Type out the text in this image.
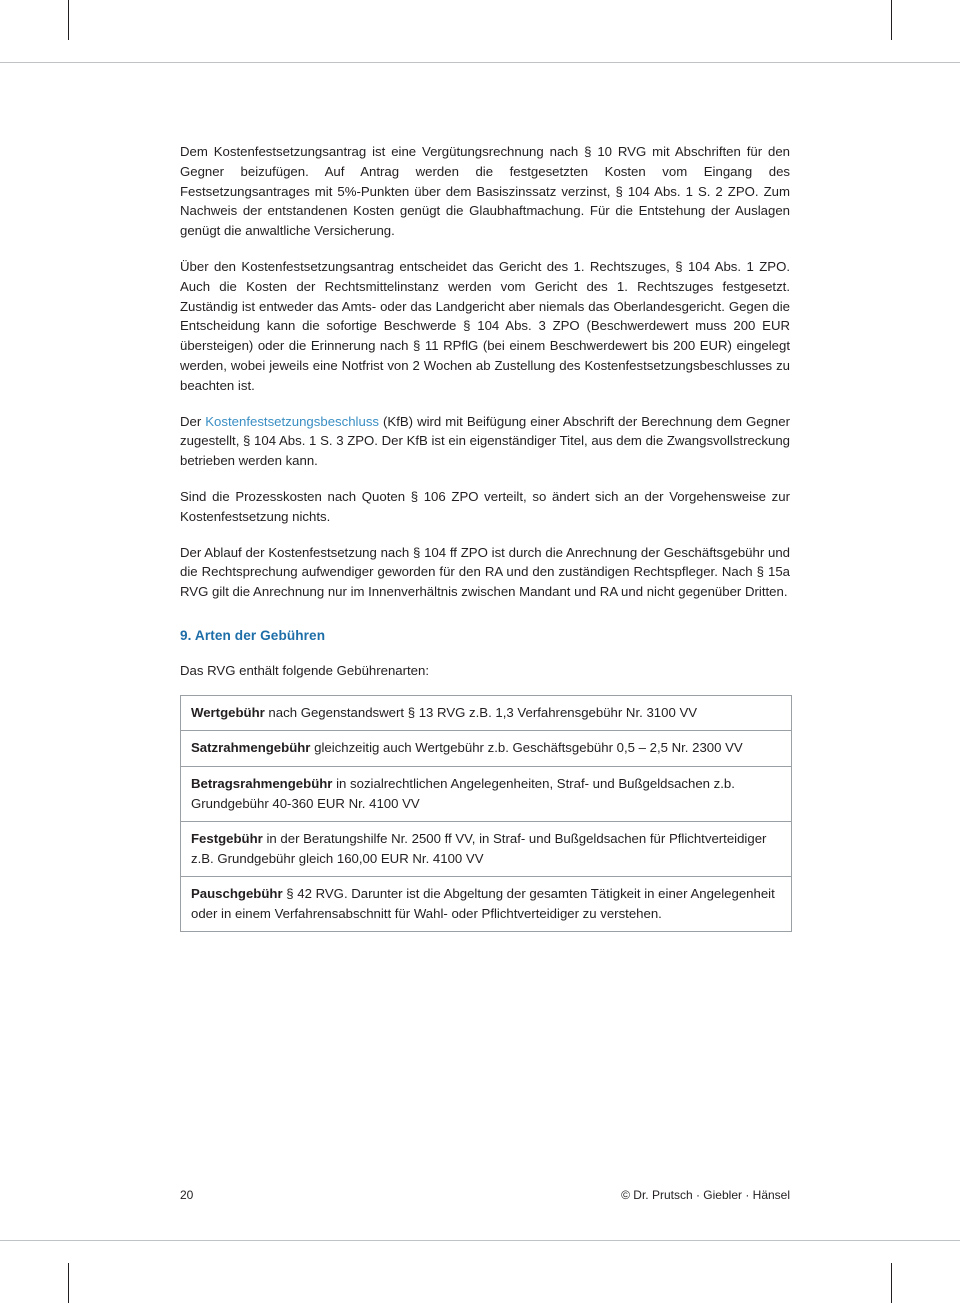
Dem Kostenfestsetzungsantrag ist eine Vergütungsrechnung nach § 10 RVG mit Abschriften für den Gegner beizufügen. Auf Antrag werden die festgesetzten Kosten vom Eingang des Festsetzungsantrages mit 5%-Punkten über dem Basiszinssatz verzinst, § 104 Abs. 1 S. 2 ZPO. Zum Nachweis der entstandenen Kosten genügt die Glaubhaftmachung. Für die Entstehung der Auslagen genügt die anwaltliche Versicherung.

Über den Kostenfestsetzungsantrag entscheidet das Gericht des 1. Rechtszuges, § 104 Abs. 1 ZPO. Auch die Kosten der Rechtsmittelinstanz werden vom Gericht des 1. Rechtszuges festgesetzt. Zuständig ist entweder das Amts- oder das Landgericht aber niemals das Oberlandesgericht. Gegen die Entscheidung kann die sofortige Beschwerde § 104 Abs. 3 ZPO (Beschwerdewert muss 200 EUR übersteigen) oder die Erinnerung nach § 11 RPflG (bei einem Beschwerdewert bis 200 EUR) eingelegt werden, wobei jeweils eine Notfrist von 2 Wochen ab Zustellung des Kostenfestsetzungsbeschlusses zu beachten ist.

Der Kostenfestsetzungsbeschluss (KfB) wird mit Beifügung einer Abschrift der Berechnung dem Gegner zugestellt, § 104 Abs. 1 S. 3 ZPO. Der KfB ist ein eigenständiger Titel, aus dem die Zwangsvollstreckung betrieben werden kann.

Sind die Prozesskosten nach Quoten § 106 ZPO verteilt, so ändert sich an der Vorgehensweise zur Kostenfestsetzung nichts.

Der Ablauf der Kostenfestsetzung nach § 104 ff ZPO ist durch die Anrechnung der Geschäftsgebühr und die Rechtsprechung aufwendiger geworden für den RA und den zuständigen Rechtspfleger. Nach § 15a RVG gilt die Anrechnung nur im Innenverhältnis zwischen Mandant und RA und nicht gegenüber Dritten.

9. Arten der Gebühren

Das RVG enthält folgende Gebührenarten:

Wertgebühr nach Gegenstandswert § 13 RVG z.B. 1,3 Verfahrensgebühr Nr. 3100 VV
Satzrahmengebühr gleichzeitig auch Wertgebühr z.b. Geschäftsgebühr 0,5 – 2,5 Nr. 2300 VV
Betragsrahmengebühr in sozialrechtlichen Angelegenheiten, Straf- und Bußgeldsachen z.b. Grundgebühr 40-360 EUR Nr. 4100 VV
Festgebühr in der Beratungshilfe Nr. 2500 ff VV, in Straf- und Bußgeldsachen für Pflichtverteidiger z.B. Grundgebühr gleich 160,00 EUR Nr. 4100 VV
Pauschgebühr § 42 RVG. Darunter ist die Abgeltung der gesamten Tätigkeit in einer Angelegenheit oder in einem Verfahrensabschnitt für Wahl- oder Pflichtverteidiger zu verstehen.
20	© Dr. Prutsch · Giebler · Hänsel
